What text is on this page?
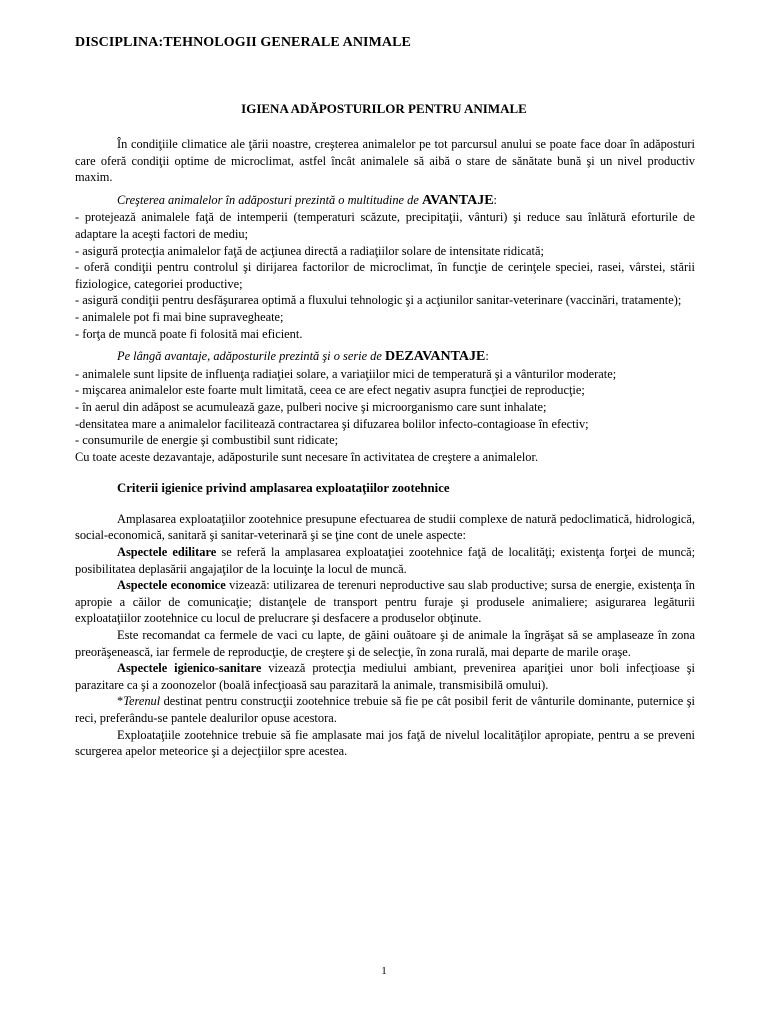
DISCIPLINA:TEHNOLOGII GENERALE ANIMALE
IGIENA ADĂPOSTURILOR PENTRU ANIMALE

În condiţiile climatice ale ţării noastre, creşterea animalelor pe tot parcursul anului se poate face doar în adăposturi care oferă condiţii optime de microclimat, astfel încât animalele să aibă o stare de sănătate bună şi un nivel productiv maxim.

Creşterea animalelor în adăposturi prezintă o multitudine de AVANTAJE:

- protejează animalele faţă de intemperii (temperaturi scăzute, precipitaţii, vânturi) şi reduce sau înlătură eforturile de adaptare la aceşti factori de mediu;

- asigură protecţia animalelor faţă de acţiunea directă a radiaţiilor solare de intensitate ridicată;

- oferă condiţii pentru controlul şi dirijarea factorilor de microclimat, în funcţie de cerinţele speciei, rasei, vârstei, stării fiziologice, categoriei productive;

- asigură condiţii pentru desfăşurarea optimă a fluxului tehnologic şi a acţiunilor sanitar-veterinare (vaccinări, tratamente);

- animalele pot fi mai bine supravegheate;

- forţa de muncă poate fi folosită mai eficient.

Pe lângă avantaje, adăposturile prezintă şi o serie de DEZAVANTAJE:

- animalele sunt lipsite de influenţa radiaţiei solare, a variaţiilor mici de temperatură şi a vânturilor moderate;

- mişcarea animalelor este foarte mult limitată, ceea ce are efect negativ asupra funcţiei de reproducţie;

- în aerul din adăpost se acumulează gaze, pulberi nocive şi microorganismo care sunt inhalate;

-densitatea mare a animalelor facilitează contractarea şi difuzarea bolilor infecto-contagioase în efectiv;

- consumurile de energie şi combustibil sunt ridicate;

Cu toate aceste dezavantaje, adăposturile sunt necesare în activitatea de creştere a animalelor.

Criterii igienice privind amplasarea exploataţiilor zootehnice

Amplasarea exploataţiilor zootehnice presupune efectuarea de studii complexe de natură pedoclimatică, hidrologică, social-economică, sanitară şi sanitar-veterinară şi se ţine cont de unele aspecte:

Aspectele edilitare se referă la amplasarea exploataţiei zootehnice faţă de localităţi; existenţa forţei de muncă; posibilitatea deplasării angajaţilor de la locuinţe la locul de muncă.

Aspectele economice vizează: utilizarea de terenuri neproductive sau slab productive; sursa de energie, existenţa în apropie a căilor de comunicaţie; distanţele de transport pentru furaje şi produsele animaliere; asigurarea legăturii exploataţiilor zootehnice cu locul de prelucrare şi desfacere a produselor obţinute.

Este recomandat ca fermele de vaci cu lapte, de găini ouătoare şi de animale la îngrăşat să se amplaseaze în zona preorăşenească, iar fermele de reproducţie, de creştere şi de selecţie, în zona rurală, mai departe de marile oraşe.

Aspectele igienico-sanitare vizează protecţia mediului ambiant, prevenirea apariţiei unor boli infecţioase şi parazitare ca şi a zoonozelor (boală infecţioasă sau parazitară la animale, transmisibilă omului).

*Terenul destinat pentru construcţii zootehnice trebuie să fie pe cât posibil ferit de vânturile dominante, puternice şi reci, preferându-se pantele dealurilor opuse acestora.

Exploataţiile zootehnice trebuie să fie amplasate mai jos faţă de nivelul localităţilor apropiate, pentru a se preveni scurgerea apelor meteorice şi a dejecţiilor spre acestea.

1
